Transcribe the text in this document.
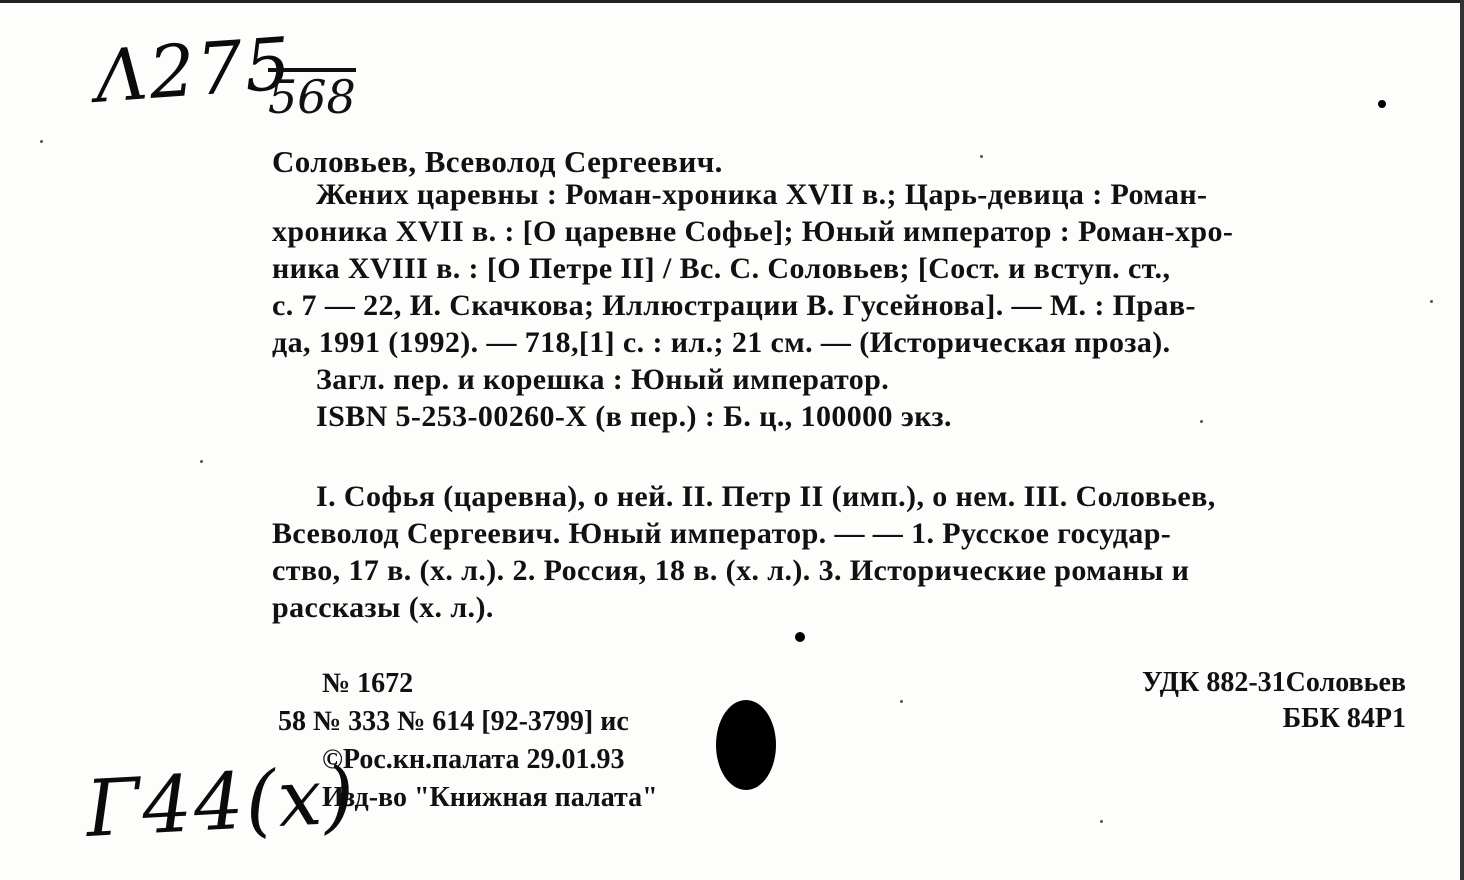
Λ275
568
Соловьев, Всеволод Сергеевич.
Жених царевны : Роман-хроника XVII в.; Царь-девица : Роман-
хроника XVII в. : [О царевне Софье]; Юный император : Роман-хро-
ника XVIII в. : [О Петре II] / Вс. С. Соловьев; [Сост. и вступ. ст.,
с. 7 — 22, И. Скачкова; Иллюстрации В. Гусейнова]. — М. : Прав-
да, 1991 (1992). — 718,[1] с. : ил.; 21 см. — (Историческая проза).
Загл. пер. и корешка : Юный император.
ISBN 5-253-00260-X (в пер.) : Б. ц., 100000 экз.
I. Софья (царевна), о ней. II. Петр II (имп.), о нем. III. Соловьев,
Всеволод Сергеевич. Юный император. — — 1. Русское государ-
ство, 17 в. (х. л.). 2. Россия, 18 в. (х. л.). 3. Исторические романы и
рассказы (х. л.).
№ 1672
58 № 333 № 614 [92-3799] ис
©Рос.кн.палата 29.01.93
Изд-во "Книжная палата"
УДК 882-31Соловьев
ББК 84Р1
Γ44(x)
